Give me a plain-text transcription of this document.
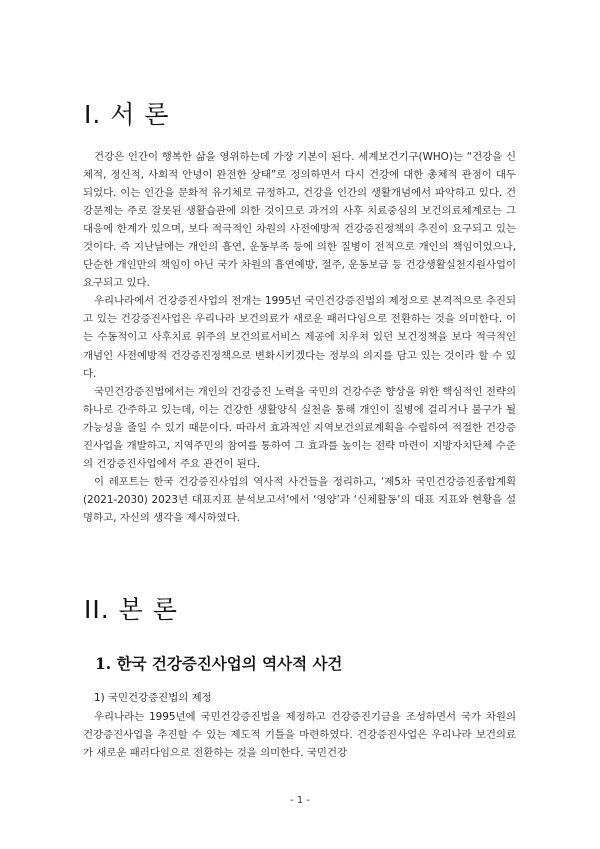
I. 서 론

건강은 인간이 행복한 삶을 영위하는데 가장 기본이 된다. 세계보건기구(WHO)는 “건강을 신체적, 정신적, 사회적 안녕이 완전한 상태”로 정의하면서 다시 건강에 대한 총체적 관점이 대두되었다. 이는 인간을 문화적 유기체로 규정하고, 건강을 인간의 생활개념에서 파악하고 있다. 건강문제는 주로 잘못된 생활습관에 의한 것이므로 과거의 사후 치료중심의 보건의료체계로는 그 대응에 한계가 있으며, 보다 적극적인 차원의 사전예방적 건강증진정책의 추진이 요구되고 있는 것이다. 즉 지난날에는 개인의 흡연, 운동부족 등에 의한 질병이 전적으로 개인의 책임이었으나, 단순한 개인만의 책임이 아닌 국가 차원의 흡연예방, 절주, 운동보급 등 건강생활실천지원사업이 요구되고 있다.

우리나라에서 건강증진사업의 전개는 1995년 국민건강증진법의 제정으로 본격적으로 추진되고 있는 건강증진사업은 우리나라 보건의료가 새로운 패러다임으로 전환하는 것을 의미한다. 이는 수동적이고 사후치료 위주의 보건의료서비스 제공에 치우쳐 있던 보건정책을 보다 적극적인 개념인 사전예방적 건강증진정책으로 변화시키겠다는 정부의 의지를 담고 있는 것이라 할 수 있다.

국민건강증진법에서는 개인의 건강증진 노력을 국민의 건강수준 향상을 위한 핵심적인 전략의 하나로 간주하고 있는데, 이는 건강한 생활양식 실천을 통해 개인이 질병에 걸리거나 불구가 될 가능성을 줄일 수 있기 때문이다. 따라서 효과적인 지역보건의료계획을 수립하여 적절한 건강증진사업을 개발하고, 지역주민의 참여를 통하여 그 효과를 높이는 전략 마련이 지방자치단체 수준의 건강증진사업에서 주요 관건이 된다.

이 레포트는 한국 건강증진사업의 역사적 사건들을 정리하고, ‘제5차 국민건강증진종합계획(2021-2030) 2023년 대표지표 분석보고서’에서 ‘영양’과 ‘신체활동’의 대표 지표와 현황을 설명하고, 자신의 생각을 제시하였다.

II. 본 론
1. 한국 건강증진사업의 역사적 사건
1) 국민건강증진법의 제정

우리나라는 1995년에 국민건강증진법을 제정하고 건강증진기금을 조성하면서 국가 차원의 건강증진사업을 추진할 수 있는 제도적 기틀을 마련하였다. 건강증진사업은 우리나라 보건의료가 새로운 패러다임으로 전환하는 것을 의미한다. 국민건강

- 1 -
